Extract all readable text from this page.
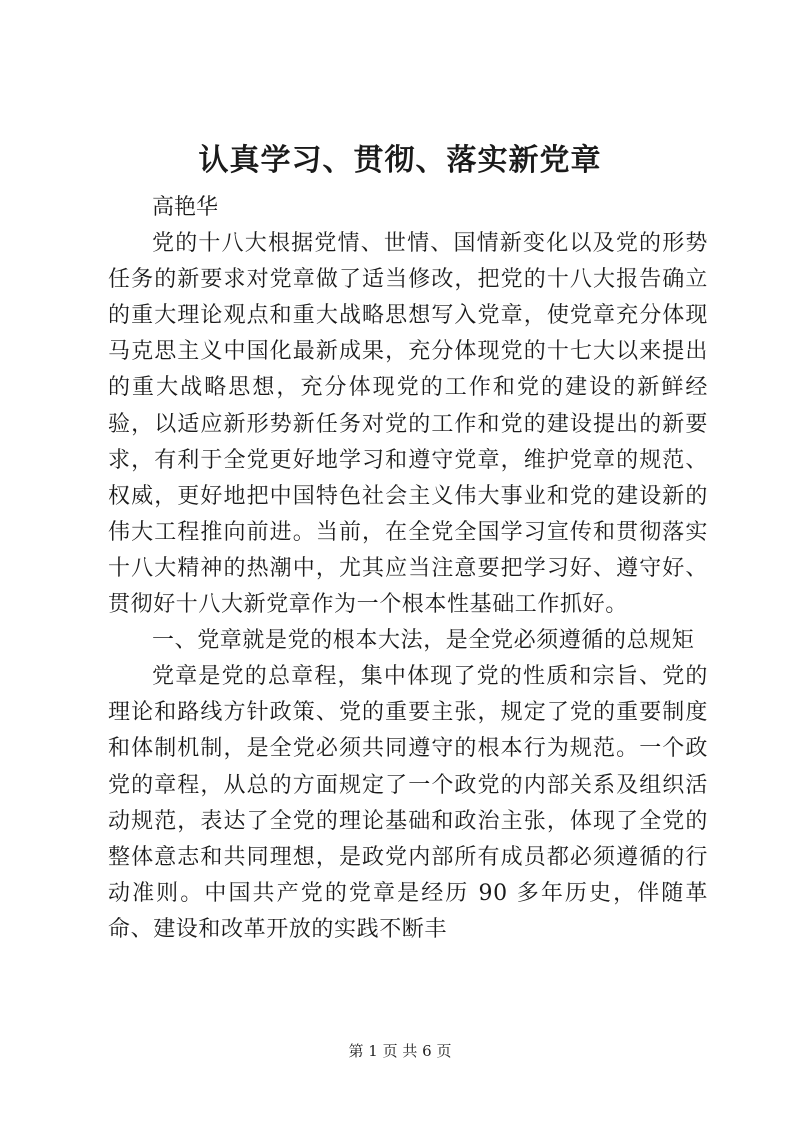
认真学习、贯彻、落实新党章

高艳华

党的十八大根据党情、世情、国情新变化以及党的形势任务的新要求对党章做了适当修改，把党的十八大报告确立的重大理论观点和重大战略思想写入党章，使党章充分体现马克思主义中国化最新成果，充分体现党的十七大以来提出的重大战略思想，充分体现党的工作和党的建设的新鲜经验，以适应新形势新任务对党的工作和党的建设提出的新要求，有利于全党更好地学习和遵守党章，维护党章的规范、权威，更好地把中国特色社会主义伟大事业和党的建设新的伟大工程推向前进。当前，在全党全国学习宣传和贯彻落实十八大精神的热潮中，尤其应当注意要把学习好、遵守好、贯彻好十八大新党章作为一个根本性基础工作抓好。

一、党章就是党的根本大法，是全党必须遵循的总规矩

党章是党的总章程，集中体现了党的性质和宗旨、党的理论和路线方针政策、党的重要主张，规定了党的重要制度和体制机制，是全党必须共同遵守的根本行为规范。一个政党的章程，从总的方面规定了一个政党的内部关系及组织活动规范，表达了全党的理论基础和政治主张，体现了全党的整体意志和共同理想，是政党内部所有成员都必须遵循的行动准则。中国共产党的党章是经历 90 多年历史，伴随革命、建设和改革开放的实践不断丰

第 1 页 共 6 页
